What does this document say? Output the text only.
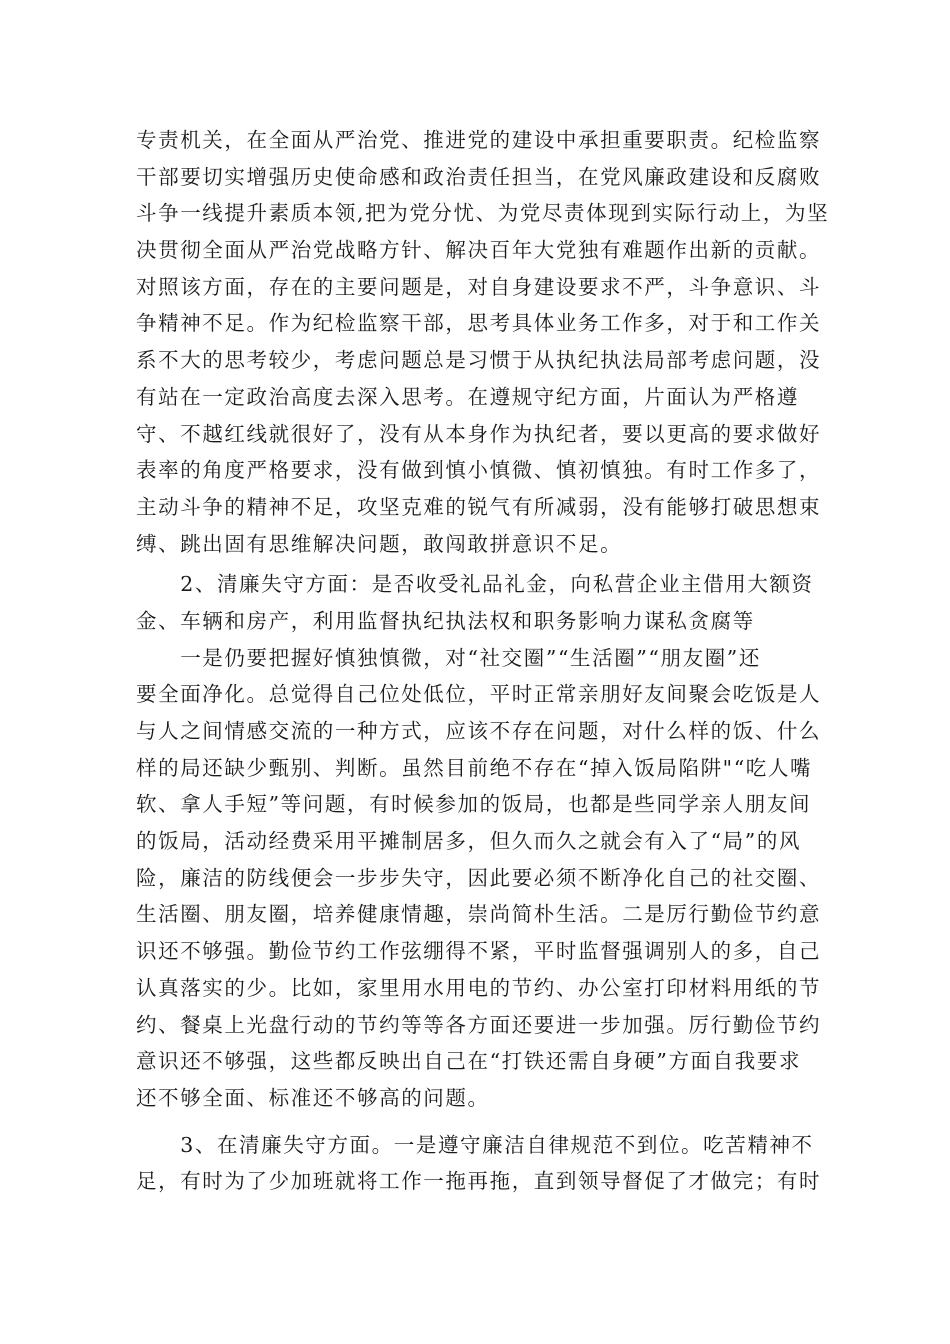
专责机关，在全面从严治党、推进党的建设中承担重要职责。纪检监察
干部要切实增强历史使命感和政治责任担当，在党风廉政建设和反腐败
斗争一线提升素质本领,把为党分忧、为党尽责体现到实际行动上，为坚
决贯彻全面从严治党战略方针、解决百年大党独有难题作出新的贡献。
对照该方面，存在的主要问题是，对自身建设要求不严，斗争意识、斗
争精神不足。作为纪检监察干部，思考具体业务工作多，对于和工作关
系不大的思考较少，考虑问题总是习惯于从执纪执法局部考虑问题，没
有站在一定政治高度去深入思考。在遵规守纪方面，片面认为严格遵
守、不越红线就很好了，没有从本身作为执纪者，要以更高的要求做好
表率的角度严格要求，没有做到慎小慎微、慎初慎独。有时工作多了，
主动斗争的精神不足，攻坚克难的锐气有所减弱，没有能够打破思想束
缚、跳出固有思维解决问题，敢闯敢拼意识不足。
　　2、清廉失守方面：是否收受礼品礼金，向私营企业主借用大额资
金、车辆和房产，利用监督执纪执法权和职务影响力谋私贪腐等
　　一是仍要把握好慎独慎微，对“社交圈”“生活圈”“朋友圈”还
要全面净化。总觉得自己位处低位，平时正常亲朋好友间聚会吃饭是人
与人之间情感交流的一种方式，应该不存在问题，对什么样的饭、什么
样的局还缺少甄别、判断。虽然目前绝不存在“掉入饭局陷阱"“吃人嘴
软、拿人手短”等问题，有时候参加的饭局，也都是些同学亲人朋友间
的饭局，活动经费采用平摊制居多，但久而久之就会有入了“局”的风
险，廉洁的防线便会一步步失守，因此要必须不断净化自己的社交圈、
生活圈、朋友圈，培养健康情趣，崇尚简朴生活。二是厉行勤俭节约意
识还不够强。勤俭节约工作弦绷得不紧，平时监督强调别人的多，自己
认真落实的少。比如，家里用水用电的节约、办公室打印材料用纸的节
约、餐桌上光盘行动的节约等等各方面还要进一步加强。厉行勤俭节约
意识还不够强，这些都反映出自己在“打铁还需自身硬”方面自我要求
还不够全面、标准还不够高的问题。
　　3、在清廉失守方面。一是遵守廉洁自律规范不到位。吃苦精神不
足，有时为了少加班就将工作一拖再拖，直到领导督促了才做完；有时
